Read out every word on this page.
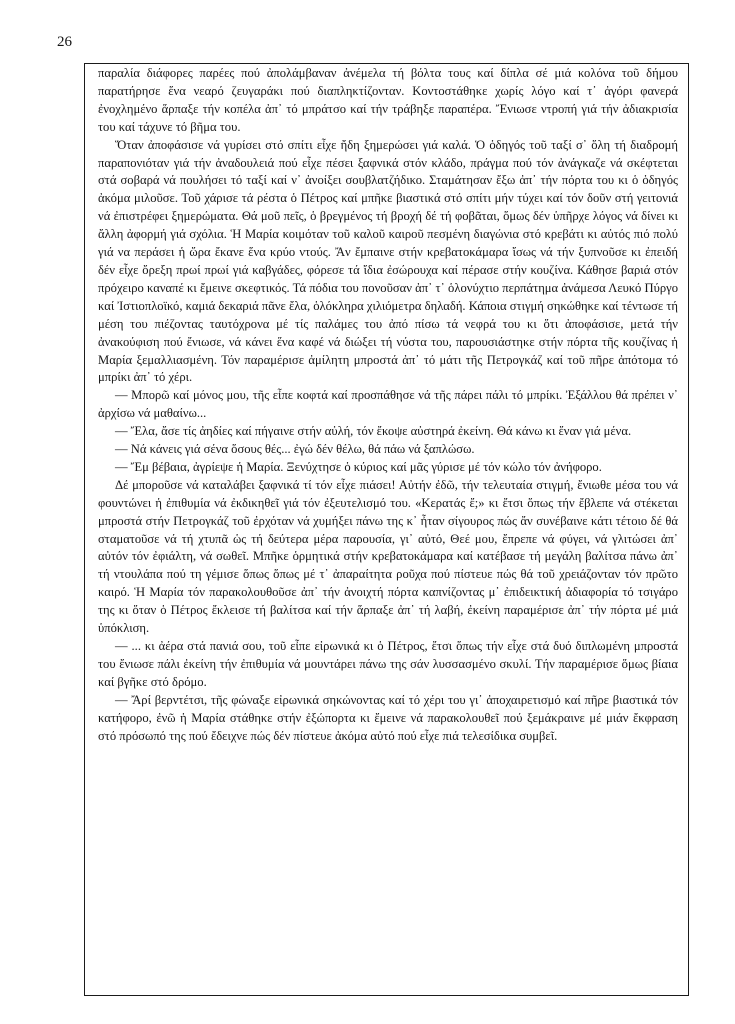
26

παραλία διάφορες παρέες πού ἀπολάμβαναν ἀνέμελα τή βόλτα τους καί δίπλα σέ μιά κολόνα τοῦ δήμου παρατήρησε ἕνα νεαρό ζευγαράκι πού διαπληκτίζονταν. Κοντοστάθηκε χωρίς λόγο καί τ᾽ ἀγόρι φανερά ἐνοχλημένο ἅρπαξε τήν κοπέλα ἀπ᾽ τό μπράτσο καί τήν τράβηξε παραπέρα. Ἔνιωσε ντροπή γιά τήν ἀδιακρισία του καί τάχυνε τό βῆμα του.

Ὅταν ἀποφάσισε νά γυρίσει στό σπίτι εἶχε ἤδη ξημερώσει γιά καλά. Ὁ ὁδηγός τοῦ ταξί σ᾽ ὅλη τή διαδρομή παραπονιόταν γιά τήν ἀναδουλειά πού εἶχε πέσει ξαφνικά στόν κλάδο, πράγμα πού τόν ἀνάγκαζε νά σκέφτεται στά σοβαρά νά πουλήσει τό ταξί καί ν᾽ ἀνοίξει σουβλατζήδικο. Σταμάτησαν ἔξω ἀπ᾽ τήν πόρτα του κι ὁ ὁδηγός ἀκόμα μιλοῦσε. Τοῦ χάρισε τά ρέστα ὁ Πέτρος καί μπῆκε βιαστικά στό σπίτι μήν τύχει καί τόν δοῦν στή γειτονιά νά ἐπιστρέφει ξημερώματα. Θά μοῦ πεῖς, ὁ βρεγμένος τή βροχή δέ τή φοβᾶται, ὅμως δέν ὑπῆρχε λόγος νά δίνει κι ἄλλη ἀφορμή γιά σχόλια. Ἡ Μαρία κοιμόταν τοῦ καλοῦ καιροῦ πεσμένη διαγώνια στό κρεβάτι κι αὐτός πιό πολύ γιά να περάσει ἡ ὥρα ἔκανε ἕνα κρύο ντούς. Ἄν ἔμπαινε στήν κρεβατοκάμαρα ἴσως νά τήν ξυπνοῦσε κι ἐπειδή δέν εἶχε ὄρεξη πρωί πρωί γιά καβγάδες, φόρεσε τά ἴδια ἐσώρουχα καί πέρασε στήν κουζίνα. Κάθησε βαριά στόν πρόχειρο καναπέ κι ἔμεινε σκεφτικός. Τά πόδια του πονοῦσαν ἀπ᾽ τ᾽ ὁλονύχτιο περπάτημα ἀνάμεσα Λευκό Πύργο καί Ἰστιοπλοϊκό, καμιά δεκαριά πᾶνε ἔλα, ὁλόκληρα χιλιόμετρα δηλαδή. Κάποια στιγμή σηκώθηκε καί τέντωσε τή μέση του πιέζοντας ταυτόχρονα μέ τίς παλάμες του ἀπό πίσω τά νεφρά του κι ὅτι ἀποφάσισε, μετά τήν ἀνακούφιση πού ἔνιωσε, νά κάνει ἕνα καφέ νά διώξει τή νύστα του, παρουσιάστηκε στήν πόρτα τῆς κουζίνας ἡ Μαρία ξεμαλλιασμένη. Τόν παραμέρισε ἀμίλητη μπροστά ἀπ᾽ τό μάτι τῆς Πετρογκάζ καί τοῦ πῆρε ἀπότομα τό μπρίκι ἀπ᾽ τό χέρι.

— Μπορῶ καί μόνος μου, τῆς εἶπε κοφτά καί προσπάθησε νά τῆς πάρει πάλι τό μπρίκι. Ἐξάλλου θά πρέπει ν᾽ ἀρχίσω νά μαθαίνω...

— Ἔλα, ἄσε τίς ἀηδίες καί πήγαινε στήν αὐλή, τόν ἔκοψε αὐστηρά ἐκείνη. Θά κάνω κι ἕναν γιά μένα.

— Νά κάνεις γιά σένα ὅσους θές... ἐγώ δέν θέλω, θά πάω νά ξαπλώσω.

— Ἔμ βέβαια, ἀγρίεψε ἡ Μαρία. Ξενύχτησε ὁ κύριος καί μᾶς γύρισε μέ τόν κώλο τόν ἀνήφορο.

Δέ μποροῦσε νά καταλάβει ξαφνικά τί τόν εἶχε πιάσει! Αὐτήν ἐδῶ, τήν τελευταία στιγμή, ἔνιωθε μέσα του νά φουντώνει ἡ ἐπιθυμία νά ἐκδικηθεῖ γιά τόν ἐξευτελισμό του. «Κερατάς ἔ;» κι ἔτσι ὅπως τήν ἔβλεπε νά στέκεται μπροστά στήν Πετρογκάζ τοῦ ἐρχόταν νά χυμήξει πάνω της κ᾽ ἦταν σίγουρος πώς ἄν συνέβαινε κάτι τέτοιο δέ θά σταματοῦσε νά τή χτυπᾶ ὡς τή δεύτερα μέρα παρουσία, γι᾽ αὐτό, Θεέ μου, ἔπρεπε νά φύγει, νά γλιτώσει ἀπ᾽ αὐτόν τόν ἐφιάλτη, νά σωθεῖ. Μπῆκε ὁρμητικά στήν κρεβατοκάμαρα καί κατέβασε τή μεγάλη βαλίτσα πάνω ἀπ᾽ τή ντουλάπα πού τη γέμισε ὅπως ὅπως μέ τ᾽ ἀπαραίτητα ροῦχα πού πίστευε πώς θά τοῦ χρειάζονταν τόν πρῶτο καιρό. Ἡ Μαρία τόν παρακολουθοῦσε ἀπ᾽ τήν ἀνοιχτή πόρτα καπνίζοντας μ᾽ ἐπιδεικτική ἀδιαφορία τό τσιγάρο της κι ὅταν ὁ Πέτρος ἔκλεισε τή βαλίτσα καί τήν ἅρπαξε ἀπ᾽ τή λαβή, ἐκείνη παραμέρισε ἀπ᾽ τήν πόρτα μέ μιά ὑπόκλιση.

— ... κι ἀέρα στά πανιά σου, τοῦ εἶπε εἰρωνικά κι ὁ Πέτρος, ἔτσι ὅπως τήν εἶχε στά δυό διπλωμένη μπροστά του ἔνιωσε πάλι ἐκείνη τήν ἐπιθυμία νά μουντάρει πάνω της σάν λυσσασμένο σκυλί. Τήν παραμέρισε ὅμως βίαια καί βγῆκε στό δρόμο.

— Ἄρί βερντέτσι, τῆς φώναξε εἰρωνικά σηκώνοντας καί τό χέρι του γι᾽ ἀποχαιρετισμό καί πῆρε βιαστικά τόν κατήφορο, ἐνῶ ἡ Μαρία στάθηκε στήν ἐξώπορτα κι ἔμεινε νά παρακολουθεῖ πού ξεμάκραινε μέ μιάν ἔκφραση στό πρόσωπό της πού ἔδειχνε πώς δέν πίστευε ἀκόμα αὐτό πού εἶχε πιά τελεσίδικα συμβεῖ.
